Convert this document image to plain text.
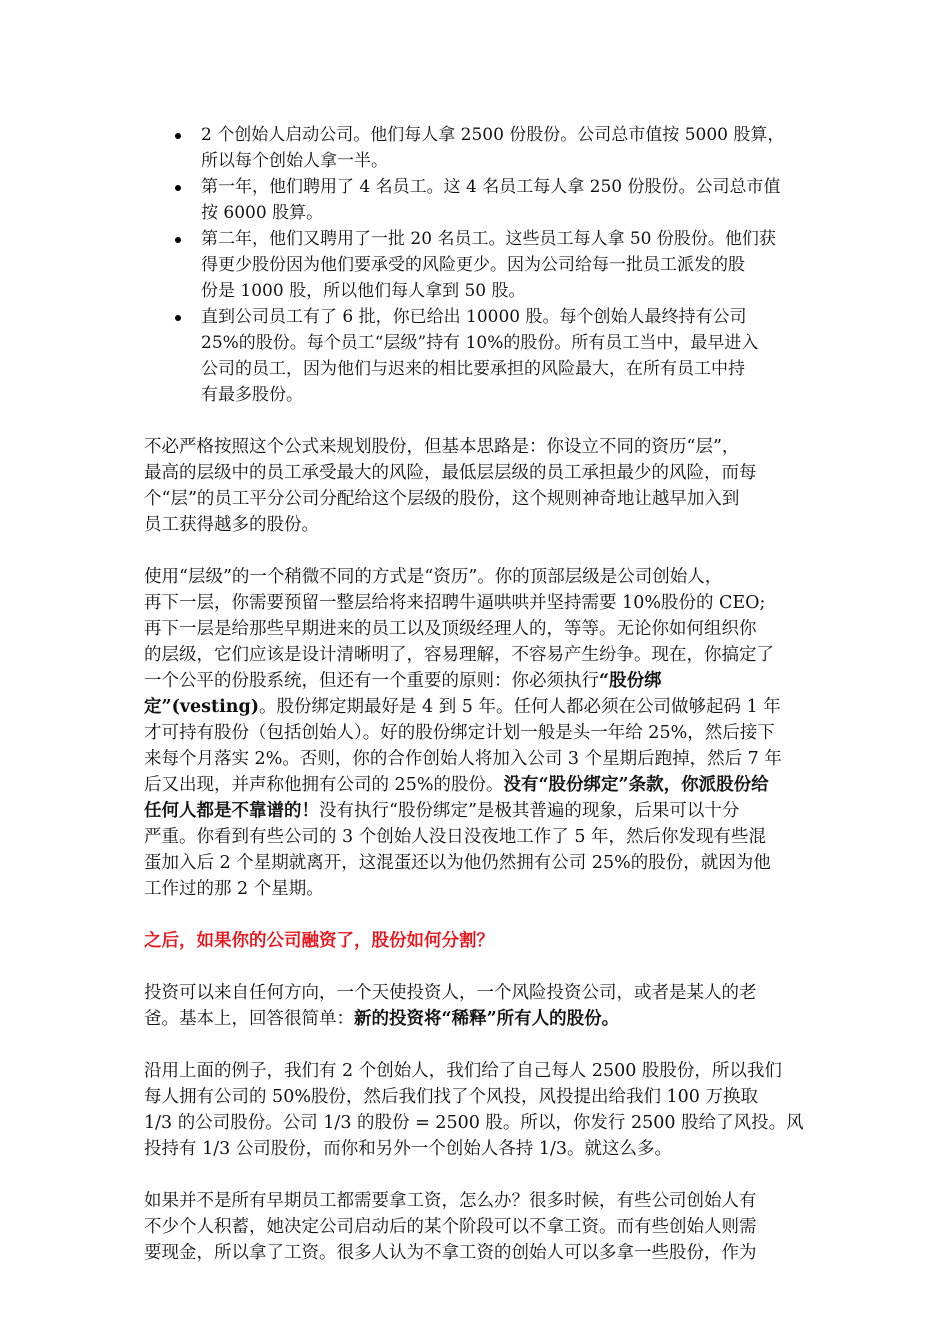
2 个创始人启动公司。他们每人拿 2500 份股份。公司总市值按 5000 股算，
所以每个创始人拿一半。
第一年，他们聘用了 4 名员工。这 4 名员工每人拿 250 份股份。公司总市值
按 6000 股算。
第二年，他们又聘用了一批 20 名员工。这些员工每人拿 50 份股份。他们获
得更少股份因为他们要承受的风险更少。因为公司给每一批员工派发的股
份是 1000 股，所以他们每人拿到 50 股。
直到公司员工有了 6 批，你已给出 10000 股。每个创始人最终持有公司
25%的股份。每个员工“层级”持有 10%的股份。所有员工当中，最早进入
公司的员工，因为他们与迟来的相比要承担的风险最大，在所有员工中持
有最多股份。
不必严格按照这个公式来规划股份，但基本思路是：你设立不同的资历“层”，
最高的层级中的员工承受最大的风险，最低层层级的员工承担最少的风险，而每
个“层”的员工平分公司分配给这个层级的股份，这个规则神奇地让越早加入到
员工获得越多的股份。
使用“层级”的一个稍微不同的方式是“资历”。你的顶部层级是公司创始人，
再下一层，你需要预留一整层给将来招聘牛逼哄哄并坚持需要 10%股份的 CEO;
再下一层是给那些早期进来的员工以及顶级经理人的，等等。无论你如何组织你
的层级，它们应该是设计清晰明了，容易理解，不容易产生纷争。现在，你搞定了
一个公平的份股系统，但还有一个重要的原则：你必须执行“股份绑
定”(vesting)。股份绑定期最好是 4 到 5 年。任何人都必须在公司做够起码 1 年
才可持有股份（包括创始人）。好的股份绑定计划一般是头一年给 25%，然后接下
来每个月落实 2%。否则，你的合作创始人将加入公司 3 个星期后跑掉，然后 7 年
后又出现，并声称他拥有公司的 25%的股份。没有“股份绑定”条款，你派股份给
任何人都是不靠谱的！没有执行“股份绑定”是极其普遍的现象，后果可以十分
严重。你看到有些公司的 3 个创始人没日没夜地工作了 5 年，然后你发现有些混
蛋加入后 2 个星期就离开，这混蛋还以为他仍然拥有公司 25%的股份，就因为他
工作过的那 2 个星期。
之后，如果你的公司融资了，股份如何分割？
投资可以来自任何方向，一个天使投资人，一个风险投资公司，或者是某人的老
爸。基本上，回答很简单：新的投资将“稀释”所有人的股份。
沿用上面的例子，我们有 2 个创始人，我们给了自己每人 2500 股股份，所以我们
每人拥有公司的 50%股份，然后我们找了个风投，风投提出给我们 100 万换取
1/3 的公司股份。公司 1/3 的股份 = 2500 股。所以，你发行 2500 股给了风投。风
投持有 1/3 公司股份，而你和另外一个创始人各持 1/3。就这么多。
如果并不是所有早期员工都需要拿工资，怎么办？很多时候，有些公司创始人有
不少个人积蓄，她决定公司启动后的某个阶段可以不拿工资。而有些创始人则需
要现金，所以拿了工资。很多人认为不拿工资的创始人可以多拿一些股份，作为
